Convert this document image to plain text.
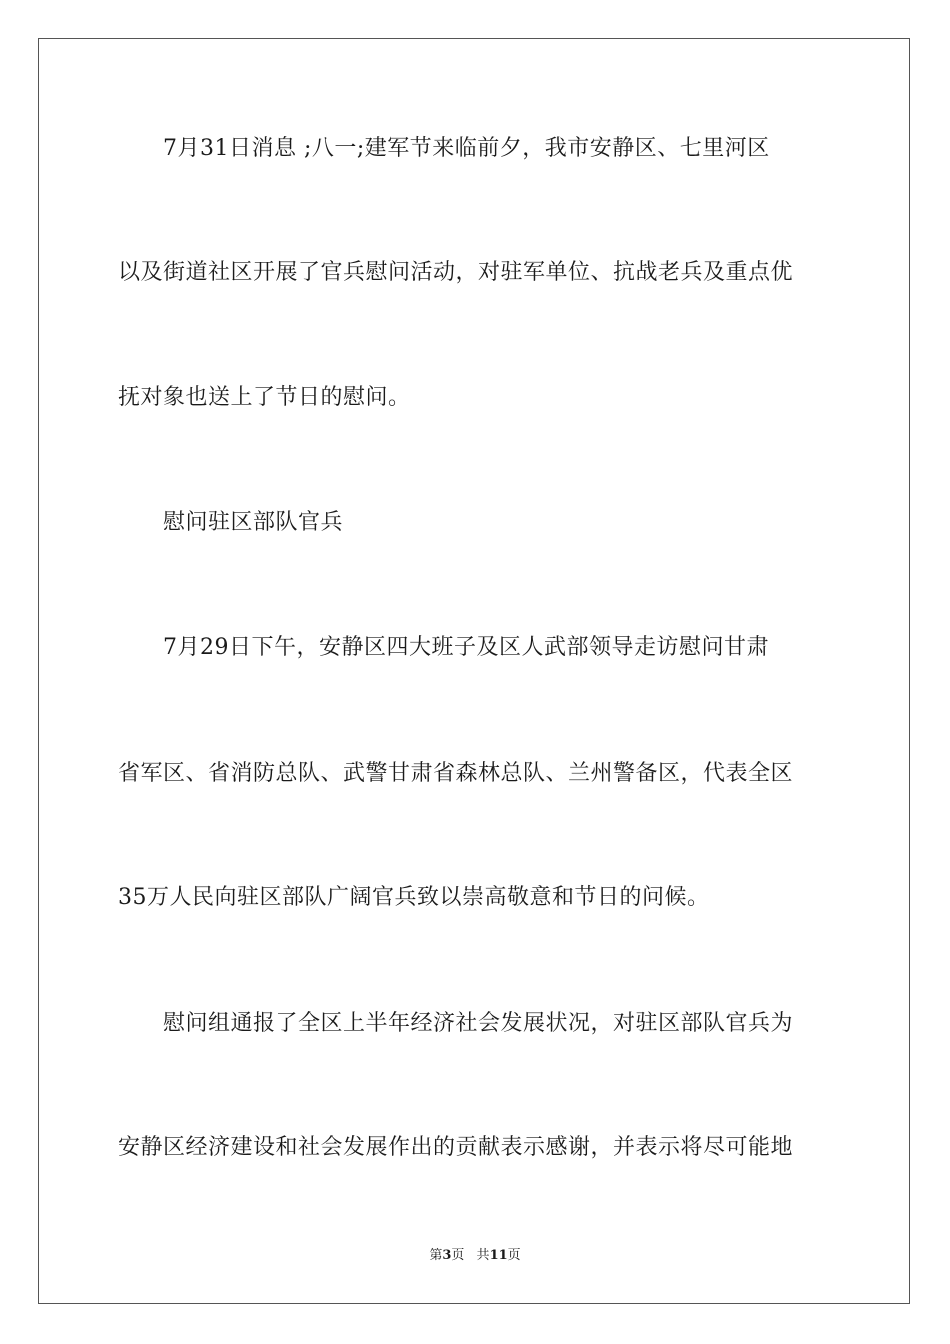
7月31日消息 ;八一;建军节来临前夕，我市安静区、七里河区
以及街道社区开展了官兵慰问活动，对驻军单位、抗战老兵及重点优
抚对象也送上了节日的慰问。
慰问驻区部队官兵
7月29日下午，安静区四大班子及区人武部领导走访慰问甘肃
省军区、省消防总队、武警甘肃省森林总队、兰州警备区，代表全区
35万人民向驻区部队广阔官兵致以崇高敬意和节日的问候。
慰问组通报了全区上半年经济社会发展状况，对驻区部队官兵为
安静区经济建设和社会发展作出的贡献表示感谢，并表示将尽可能地
第3页 共11页
